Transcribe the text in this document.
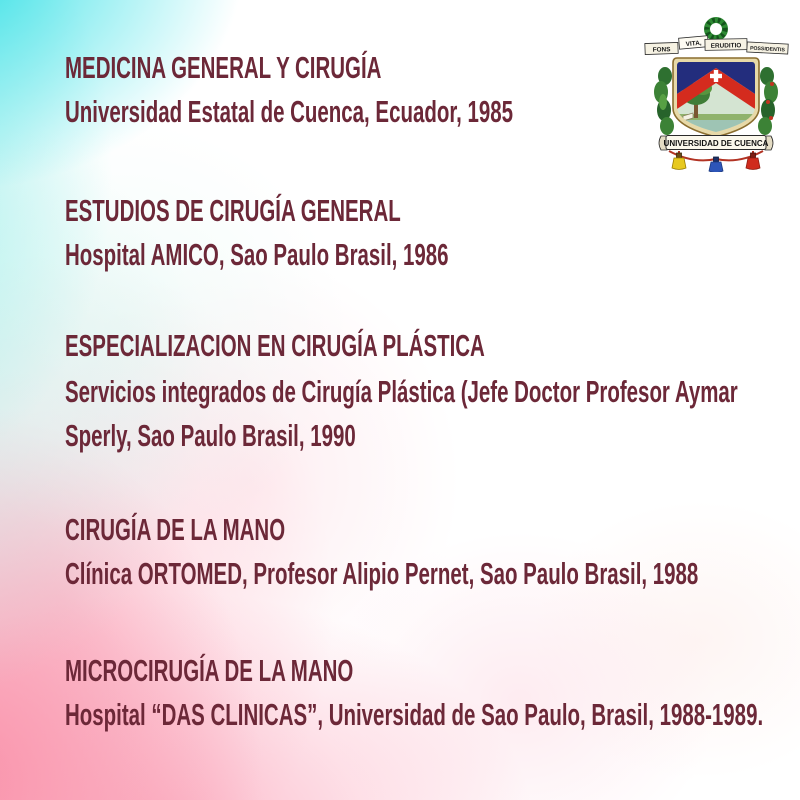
FONS
VITA, ERUDITIO POSSIDENTIS
UNIVERSIDAD DE CUENCA
MEDICINA GENERAL Y CIRUGÍA

Universidad Estatal de Cuenca, Ecuador, 1985

ESTUDIOS DE CIRUGÍA GENERAL

Hospital AMICO, Sao Paulo Brasil, 1986

ESPECIALIZACION EN CIRUGÍA PLÁSTICA

Servicios integrados de Cirugía Plástica (Jefe Doctor Profesor Aymar

Sperly, Sao Paulo Brasil, 1990

CIRUGÍA DE LA MANO

Clínica ORTOMED, Profesor Alipio Pernet, Sao Paulo Brasil, 1988

MICROCIRUGÍA DE LA MANO

Hospital “DAS CLINICAS”, Universidad de Sao Paulo, Brasil, 1988-1989.
